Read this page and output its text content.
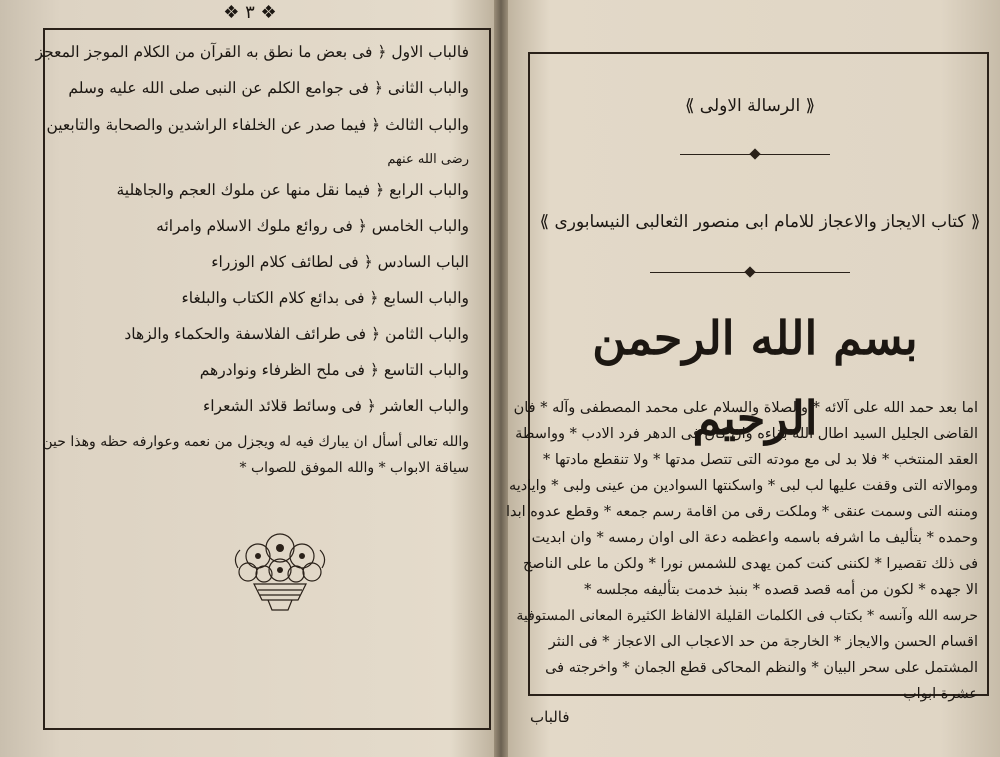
❖ ٣ ❖
فالباب الاول ﴿ فى بعض ما نطق به القرآن من الكلام الموجز المعجز
والباب الثانى ﴿ فى جوامع الكلم عن النبى صلى الله عليه وسلم
والباب الثالث ﴿ فيما صدر عن الخلفاء الراشدين والصحابة والتابعين
رضى الله عنهم
والباب الرابع ﴿ فيما نقل منها عن ملوك العجم والجاهلية
والباب الخامس ﴿ فى روائع ملوك الاسلام وامرائه
الباب السادس ﴿ فى لطائف كلام الوزراء
والباب السابع ﴿ فى بدائع كلام الكتاب والبلغاء
والباب الثامن ﴿ فى طرائف الفلاسفة والحكماء والزهاد
والباب التاسع ﴿ فى ملح الظرفاء ونوادرهم
والباب العاشر ﴿ فى وسائط قلائد الشعراء
والله تعالى أسأل ان يبارك فيه له ويجزل من نعمه وعوارفه حظه وهذا حين
سياقة الابواب * والله الموفق للصواب *
⟪ الرسالة الاولى ⟫
⟪ كتاب الايجاز والاعجاز للامام ابى منصور الثعالبى النيسابورى ⟫
بسم الله الرحمن الرحيم
اما بعد حمد الله على آلائه * والصلاة والسلام على محمد المصطفى وآله * فان
القاضى الجليل السيد اطال الله بقاءه وان كان فى الدهر فرد الادب * وواسطة
العقد المنتخب * فلا بد لى مع مودته التى تتصل مدتها * ولا تنقطع مادتها *
وموالاته التى وقفت عليها لب لبى * واسكنتها السوادين من عينى ولبى * واياديه
ومننه التى وسمت عنقى * وملكت رقى من اقامة رسم جمعه * وقطع عدوه ابدا
وحمده * بتأليف ما اشرفه باسمه واعظمه دعة الى اوان رمسه * وان ابديت
فى ذلك تقصيرا * لكننى كنت كمن يهدى للشمس نورا * ولكن ما على الناصح
الا جهده * لكون من أمه قصد قصده * بنبذ خدمت بتأليفه مجلسه *
حرسه الله وآنسه * بكتاب فى الكلمات القليلة الالفاظ الكثيرة المعانى المستوفية
اقسام الحسن والايجاز * الخارجة من حد الاعجاب الى الاعجاز * فى النثر
المشتمل على سحر البيان * والنظم المحاكى قطع الجمان * واخرجته فى
عشرة ابواب
فالباب
